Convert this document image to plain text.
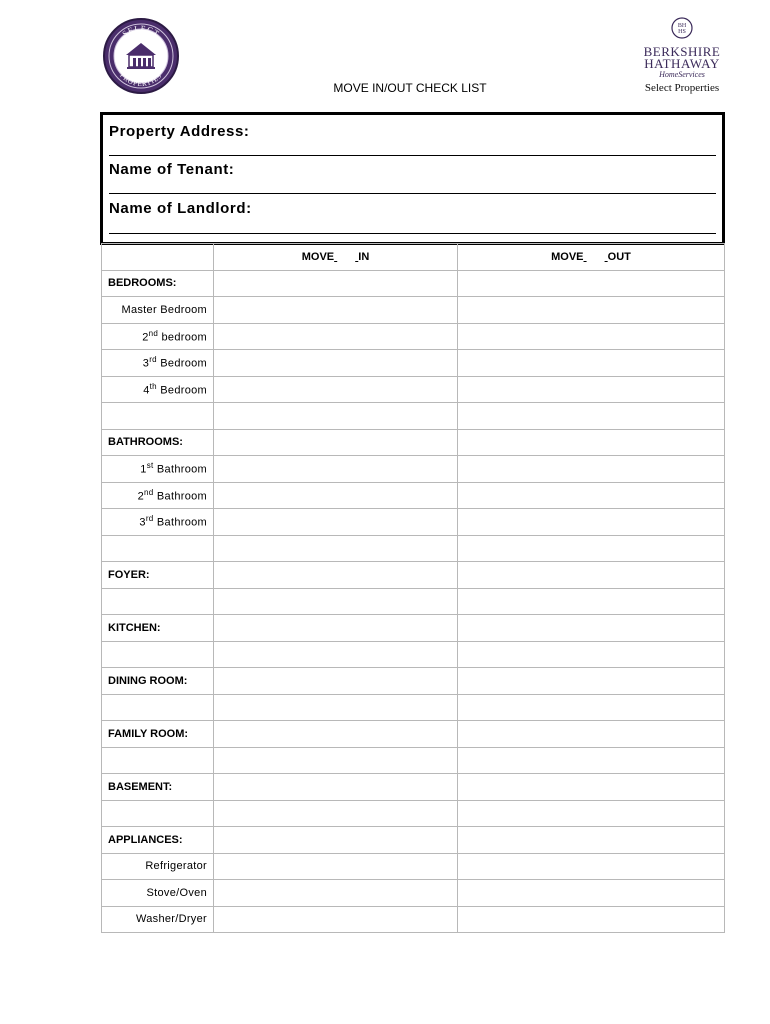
SELECT
PROPERTIES
BH
HS
BERKSHIRE
HATHAWAY
HomeServices
Select Properties
MOVE IN/OUT CHECK LIST
Property Address:
Name of Tenant:
Name of Landlord:
	MOVE IN	MOVE OUT
BEDROOMS:		
Master Bedroom		
2nd bedroom		
3rd Bedroom		
4th Bedroom		

BATHROOMS:		
1st Bathroom		
2nd Bathroom		
3rd Bathroom		

FOYER:		

KITCHEN:		

DINING ROOM:		

FAMILY ROOM:		

BASEMENT:		

APPLIANCES:		
Refrigerator		
Stove/Oven		
Washer/Dryer		
